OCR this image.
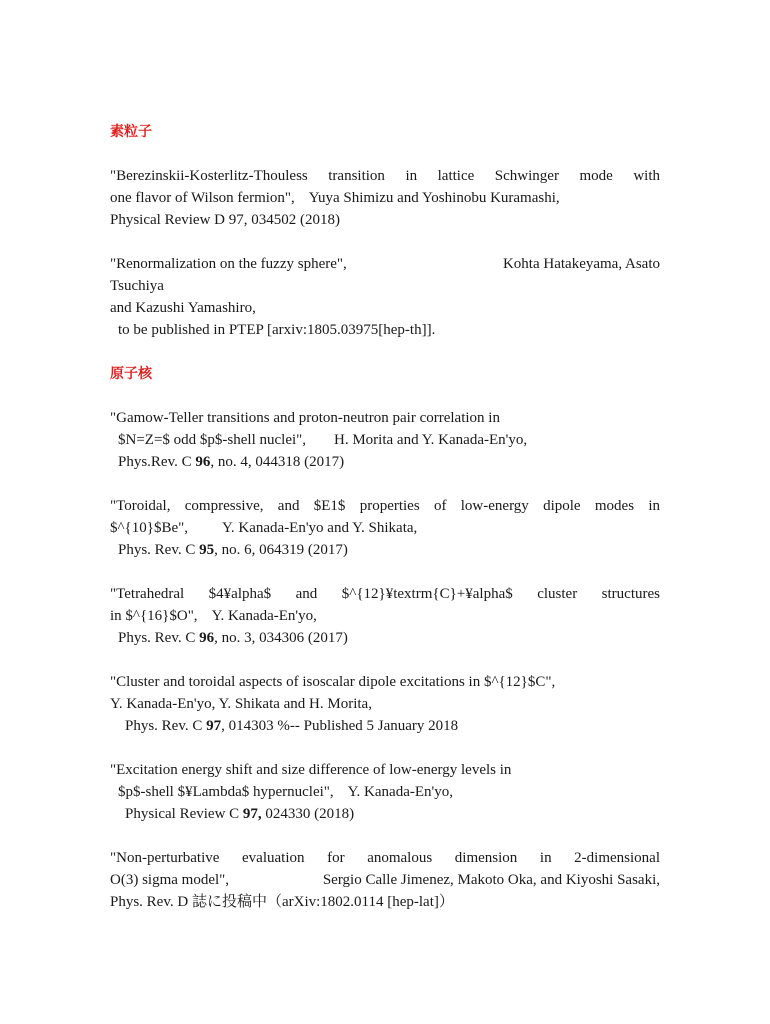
素粒子
"Berezinskii-Kosterlitz-Thouless transition in lattice Schwinger mode with
one flavor of Wilson fermion", Yuya Shimizu and Yoshinobu Kuramashi,
Physical Review D 97, 034502 (2018)
"Renormalization on the fuzzy sphere",	Kohta Hatakeyama, Asato
Tsuchiya
and Kazushi Yamashiro,
to be published in PTEP [arxiv:1805.03975[hep-th]].
原子核
"Gamow-Teller transitions and proton-neutron pair correlation in
$N=Z=$ odd $p$-shell nuclei", H. Morita and Y. Kanada-En'yo,
Phys.Rev. C 96, no. 4, 044318 (2017)
"Toroidal, compressive, and $E1$ properties of low-energy dipole modes in
$^{10}$Be", Y. Kanada-En'yo and Y. Shikata,
Phys. Rev. C 95, no. 6, 064319 (2017)
"Tetrahedral $4¥alpha$ and $^{12}¥textrm{C}+¥alpha$ cluster structures
in $^{16}$O", Y. Kanada-En'yo,
Phys. Rev. C 96, no. 3, 034306 (2017)
"Cluster and toroidal aspects of isoscalar dipole excitations in $^{12}$C",
Y. Kanada-En'yo, Y. Shikata and H. Morita,
Phys. Rev. C 97, 014303 %-- Published 5 January 2018
"Excitation energy shift and size difference of low-energy levels in
$p$-shell $¥Lambda$ hypernuclei", Y. Kanada-En'yo,
Physical Review C 97, 024330 (2018)
"Non-perturbative evaluation for anomalous dimension in 2-dimensional
O(3) sigma model",	Sergio Calle Jimenez, Makoto Oka, and Kiyoshi Sasaki,
Phys. Rev. D 誌に投稿中（arXiv:1802.0114 [hep-lat]）
